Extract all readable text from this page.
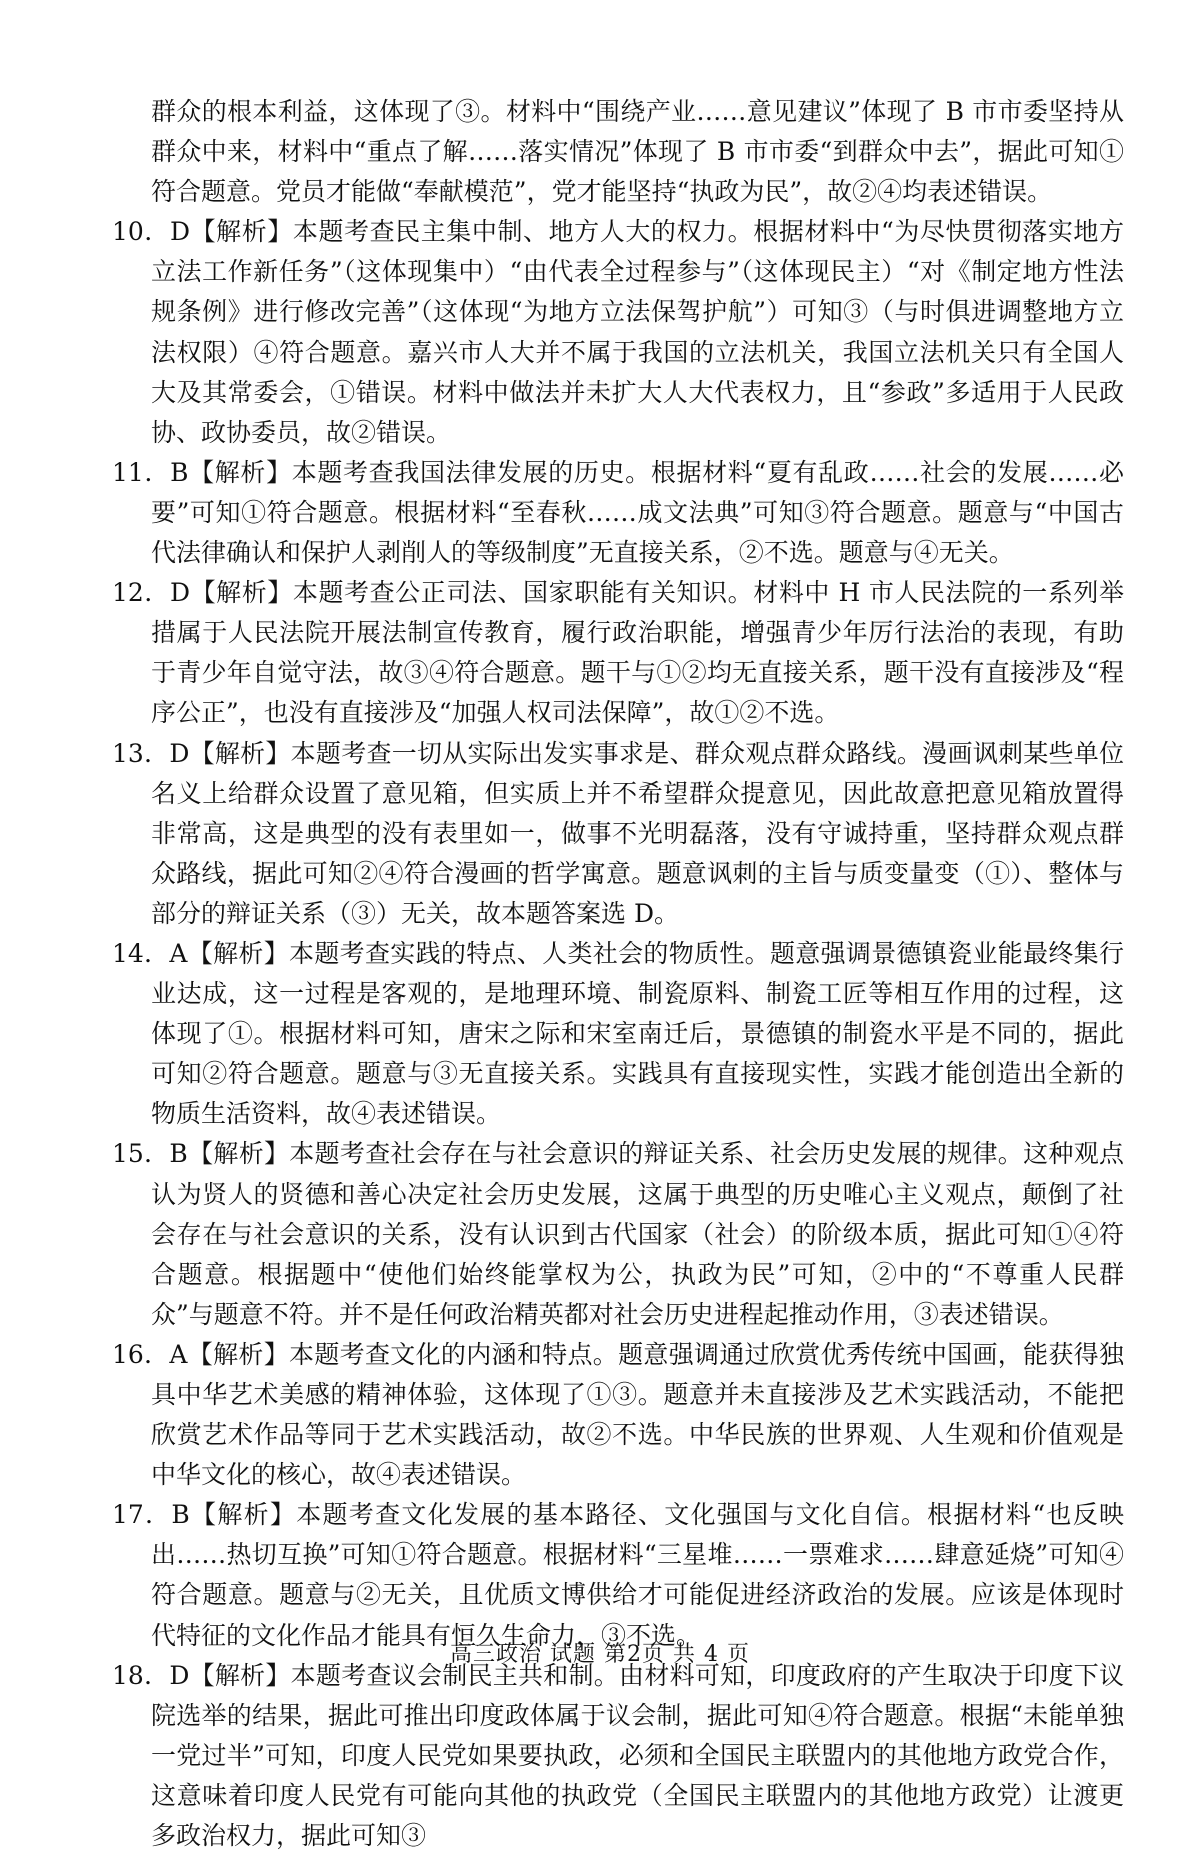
群众的根本利益，这体现了③。材料中“围绕产业……意见建议”体现了 B 市市委坚持从群众中来，材料中“重点了解……落实情况”体现了 B 市市委“到群众中去”，据此可知①符合题意。党员才能做“奉献模范”，党才能坚持“执政为民”，故②④均表述错误。

10．D【解析】本题考查民主集中制、地方人大的权力。根据材料中“为尽快贯彻落实地方立法工作新任务”（这体现集中）“由代表全过程参与”（这体现民主）“对《制定地方性法规条例》进行修改完善”（这体现“为地方立法保驾护航”）可知③（与时俱进调整地方立法权限）④符合题意。嘉兴市人大并不属于我国的立法机关，我国立法机关只有全国人大及其常委会，①错误。材料中做法并未扩大人大代表权力，且“参政”多适用于人民政协、政协委员，故②错误。

11．B【解析】本题考查我国法律发展的历史。根据材料“夏有乱政……社会的发展……必要”可知①符合题意。根据材料“至春秋……成文法典”可知③符合题意。题意与“中国古代法律确认和保护人剥削人的等级制度”无直接关系，②不选。题意与④无关。

12．D【解析】本题考查公正司法、国家职能有关知识。材料中 H 市人民法院的一系列举措属于人民法院开展法制宣传教育，履行政治职能，增强青少年厉行法治的表现，有助于青少年自觉守法，故③④符合题意。题干与①②均无直接关系，题干没有直接涉及“程序公正”，也没有直接涉及“加强人权司法保障”，故①②不选。

13．D【解析】本题考查一切从实际出发实事求是、群众观点群众路线。漫画讽刺某些单位名义上给群众设置了意见箱，但实质上并不希望群众提意见，因此故意把意见箱放置得非常高，这是典型的没有表里如一，做事不光明磊落，没有守诚持重，坚持群众观点群众路线，据此可知②④符合漫画的哲学寓意。题意讽刺的主旨与质变量变（①）、整体与部分的辩证关系（③）无关，故本题答案选 D。

14．A【解析】本题考查实践的特点、人类社会的物质性。题意强调景德镇瓷业能最终集行业达成，这一过程是客观的，是地理环境、制瓷原料、制瓷工匠等相互作用的过程，这体现了①。根据材料可知，唐宋之际和宋室南迁后，景德镇的制瓷水平是不同的，据此可知②符合题意。题意与③无直接关系。实践具有直接现实性，实践才能创造出全新的物质生活资料，故④表述错误。

15．B【解析】本题考查社会存在与社会意识的辩证关系、社会历史发展的规律。这种观点认为贤人的贤德和善心决定社会历史发展，这属于典型的历史唯心主义观点，颠倒了社会存在与社会意识的关系，没有认识到古代国家（社会）的阶级本质，据此可知①④符合题意。根据题中“使他们始终能掌权为公，执政为民”可知，②中的“不尊重人民群众”与题意不符。并不是任何政治精英都对社会历史进程起推动作用，③表述错误。

16．A【解析】本题考查文化的内涵和特点。题意强调通过欣赏优秀传统中国画，能获得独具中华艺术美感的精神体验，这体现了①③。题意并未直接涉及艺术实践活动，不能把欣赏艺术作品等同于艺术实践活动，故②不选。中华民族的世界观、人生观和价值观是中华文化的核心，故④表述错误。

17．B【解析】本题考查文化发展的基本路径、文化强国与文化自信。根据材料“也反映出……热切互换”可知①符合题意。根据材料“三星堆……一票难求……肆意延烧”可知④符合题意。题意与②无关，且优质文博供给才可能促进经济政治的发展。应该是体现时代特征的文化作品才能具有恒久生命力，③不选。

18．D【解析】本题考查议会制民主共和制。由材料可知，印度政府的产生取决于印度下议院选举的结果，据此可推出印度政体属于议会制，据此可知④符合题意。根据“未能单独一党过半”可知，印度人民党如果要执政，必须和全国民主联盟内的其他地方政党合作，这意味着印度人民党有可能向其他的执政党（全国民主联盟内的其他地方政党）让渡更多政治权力，据此可知③

高三政治 试题 第2页 共 4 页
